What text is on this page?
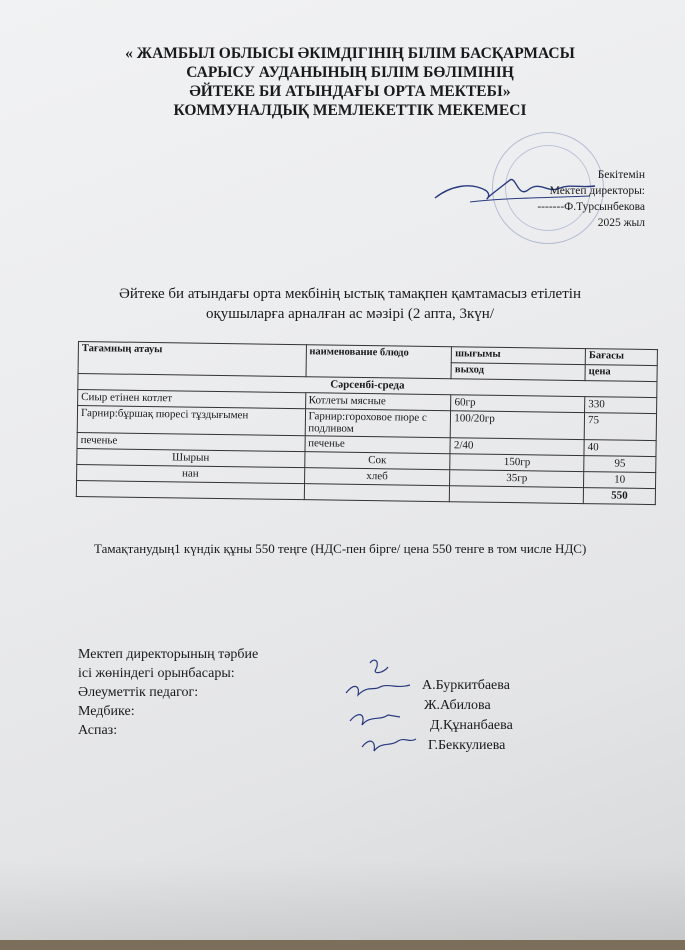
« ЖАМБЫЛ ОБЛЫСЫ ӘКІМДІГІНІҢ БІЛІМ БАСҚАРМАСЫ
САРЫСУ АУДАНЫНЫҢ БІЛІМ БӨЛІМІНІҢ
ӘЙТЕКЕ БИ АТЫНДАҒЫ ОРТА МЕКТЕБІ»
КОММУНАЛДЫҚ МЕМЛЕКЕТТІК МЕКЕМЕСІ
Бекітемін
Мектеп директоры:
-------Ф.Турсынбекова
2025 жыл
Әйтеке би атындағы орта мекбінің ыстық тамақпен қамтамасыз етілетін
оқушыларға арналған ас мәзірі (2 апта, 3күн/
Тағамның атауы	наименование блюдо	шығымы	Бағасы
		выход	цена
Сәрсенбі-среда			
Сиыр етінен котлет	Котлеты мясные	60гр	330
Гарнир:бұршақ пюресі тұздығымен	Гарнир:гороховое пюре с подливом	100/20гр	75
печенье	печенье	2/40	40
Шырын	Сок	150гр	95
нан	хлеб	35гр	10
			550
Тамақтанудың1 күндік құны 550 теңге (НДС-пен бірге/ цена 550 тенге в том числе НДС)
Мектеп директорының тәрбие
ісі жөніндегі орынбасары:
Әлеуметтік педагог:
Медбике:
Аспаз:
А.Буркитбаева
Ж.Абилова
Д.Құнанбаева
Г.Беккулиева
